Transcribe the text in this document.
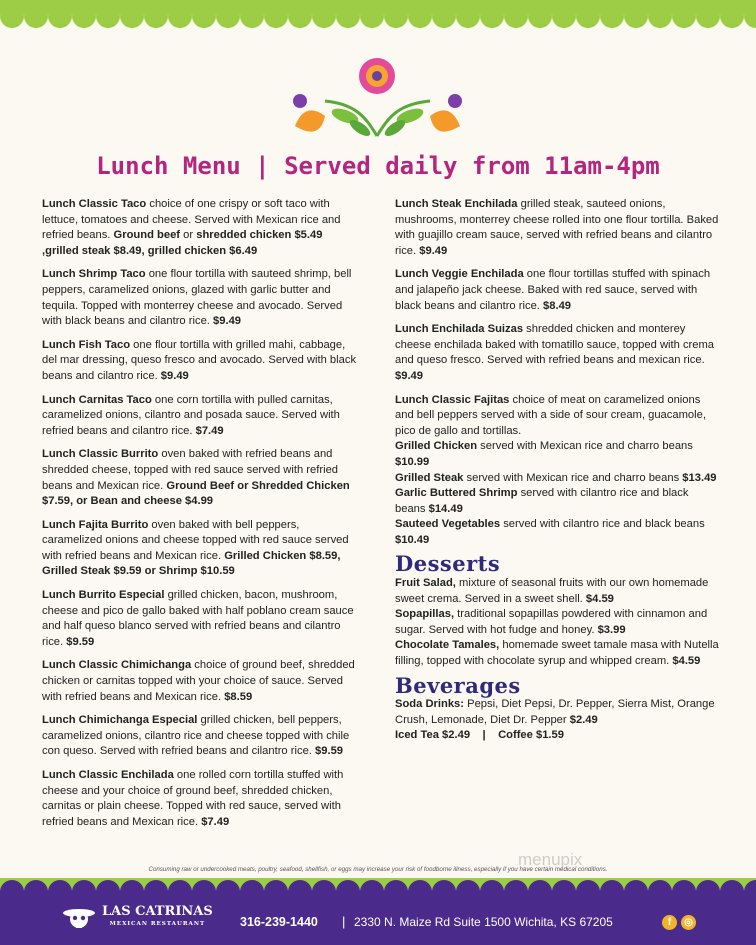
Lunch Menu | Served daily from 11am-4pm
Lunch Classic Taco choice of one crispy or soft taco with lettuce, tomatoes and cheese. Served with Mexican rice and refried beans. Ground beef or shredded chicken $5.49 ,grilled steak $8.49, grilled chicken $6.49
Lunch Shrimp Taco one flour tortilla with sauteed shrimp, bell peppers, caramelized onions, glazed with garlic butter and tequila. Topped with monterrey cheese and avocado. Served with black beans and cilantro rice. $9.49
Lunch Fish Taco one flour tortilla with grilled mahi, cabbage, del mar dressing, queso fresco and avocado. Served with black beans and cilantro rice. $9.49
Lunch Carnitas Taco one corn tortilla with pulled carnitas, caramelized onions, cilantro and posada sauce. Served with refried beans and cilantro rice. $7.49
Lunch Classic Burrito oven baked with refried beans and shredded cheese, topped with red sauce served with refried beans and Mexican rice. Ground Beef or Shredded Chicken $7.59, or Bean and cheese $4.99
Lunch Fajita Burrito oven baked with bell peppers, caramelized onions and cheese topped with red sauce served with refried beans and Mexican rice. Grilled Chicken $8.59, Grilled Steak $9.59 or Shrimp $10.59
Lunch Burrito Especial grilled chicken, bacon, mushroom, cheese and pico de gallo baked with half poblano cream sauce and half queso blanco served with refried beans and cilantro rice. $9.59
Lunch Classic Chimichanga choice of ground beef, shredded chicken or carnitas topped with your choice of sauce. Served with refried beans and Mexican rice. $8.59
Lunch Chimichanga Especial grilled chicken, bell peppers, caramelized onions, cilantro rice and cheese topped with chile con queso. Served with refried beans and cilantro rice. $9.59
Lunch Classic Enchilada one rolled corn tortilla stuffed with cheese and your choice of ground beef, shredded chicken, carnitas or plain cheese. Topped with red sauce, served with refried beans and Mexican rice. $7.49
Lunch Steak Enchilada grilled steak, sauteed onions, mushrooms, monterrey cheese rolled into one flour tortilla. Baked with guajillo cream sauce, served with refried beans and cilantro rice. $9.49
Lunch Veggie Enchilada one flour tortillas stuffed with spinach and jalapeño jack cheese. Baked with red sauce, served with black beans and cilantro rice. $8.49
Lunch Enchilada Suizas shredded chicken and monterey cheese enchilada baked with tomatillo sauce, topped with crema and queso fresco. Served with refried beans and mexican rice. $9.49
Lunch Classic Fajitas choice of meat on caramelized onions and bell peppers served with a side of sour cream, guacamole, pico de gallo and tortillas.
Grilled Chicken served with Mexican rice and charro beans $10.99
Grilled Steak served with Mexican rice and charro beans $13.49
Garlic Buttered Shrimp served with cilantro rice and black beans $14.49
Sauteed Vegetables served with cilantro rice and black beans $10.49
Desserts
Fruit Salad, mixture of seasonal fruits with our own homemade sweet crema. Served in a sweet shell. $4.59
Sopapillas, traditional sopapillas powdered with cinnamon and sugar. Served with hot fudge and honey. $3.99
Chocolate Tamales, homemade sweet tamale masa with Nutella filling, topped with chocolate syrup and whipped cream. $4.59
Beverages
Soda Drinks: Pepsi, Diet Pepsi, Dr. Pepper, Sierra Mist, Orange Crush, Lemonade, Diet Dr. Pepper $2.49
Iced Tea $2.49 | Coffee $1.59
menupix
Consuming raw or undercooked meats, poultry, seafood, shellfish, or eggs may increase your risk of foodborne illness, especially if you have certain medical conditions.
LAS CATRINAS
MEXICAN RESTAURANT	316-239-1440 | 2330 N. Maize Rd Suite 1500 Wichita, KS 67205	f	◎
